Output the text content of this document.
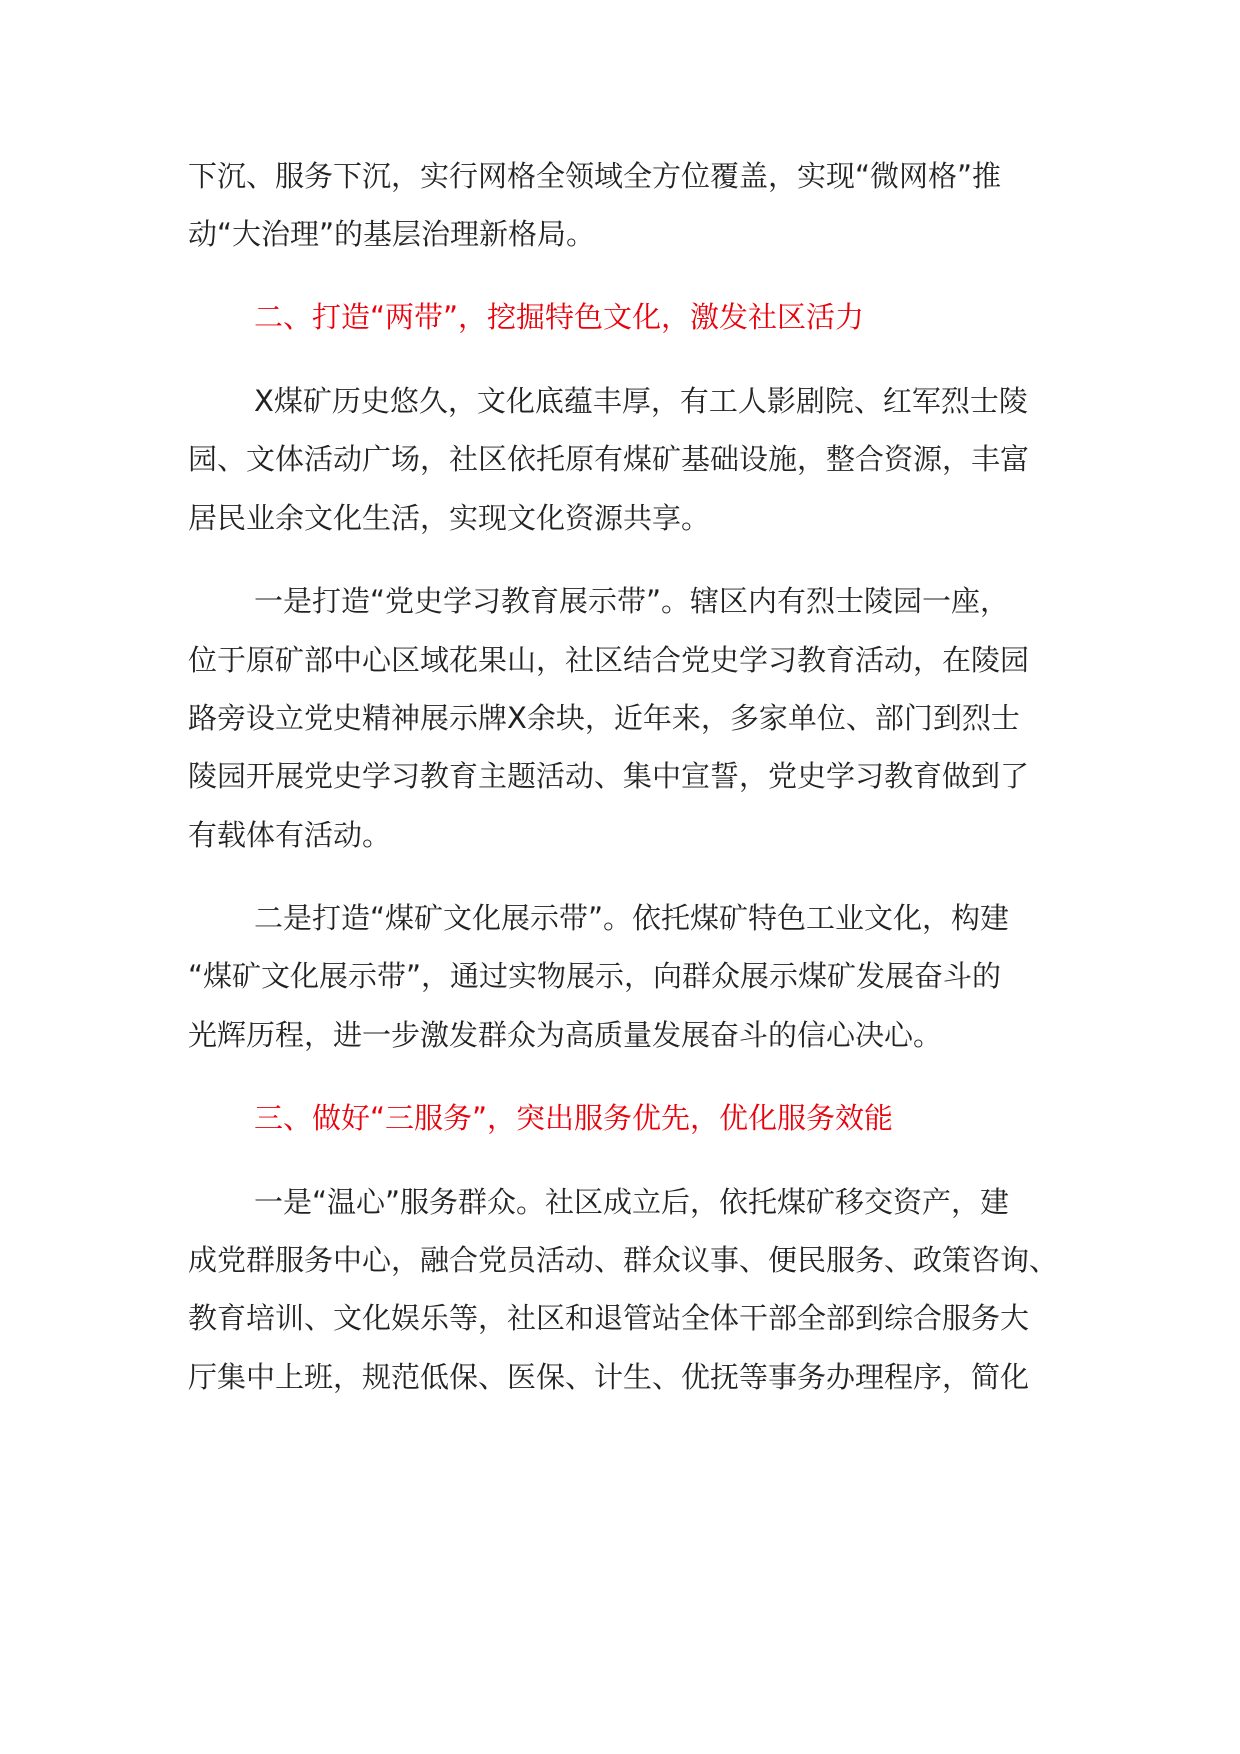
下沉、服务下沉，实行网格全领域全方位覆盖，实现“微网格”推
动“大治理”的基层治理新格局。
二、打造“两带”，挖掘特色文化，激发社区活力
X煤矿历史悠久，文化底蕴丰厚，有工人影剧院、红军烈士陵
园、文体活动广场，社区依托原有煤矿基础设施，整合资源，丰富
居民业余文化生活，实现文化资源共享。
一是打造“党史学习教育展示带”。辖区内有烈士陵园一座，
位于原矿部中心区域花果山，社区结合党史学习教育活动，在陵园
路旁设立党史精神展示牌X余块，近年来，多家单位、部门到烈士
陵园开展党史学习教育主题活动、集中宣誓，党史学习教育做到了
有载体有活动。
二是打造“煤矿文化展示带”。依托煤矿特色工业文化，构建
“煤矿文化展示带”，通过实物展示，向群众展示煤矿发展奋斗的
光辉历程，进一步激发群众为高质量发展奋斗的信心决心。
三、做好“三服务”，突出服务优先，优化服务效能
一是“温心”服务群众。社区成立后，依托煤矿移交资产，建
成党群服务中心，融合党员活动、群众议事、便民服务、政策咨询、
教育培训、文化娱乐等，社区和退管站全体干部全部到综合服务大
厅集中上班，规范低保、医保、计生、优抚等事务办理程序，简化
